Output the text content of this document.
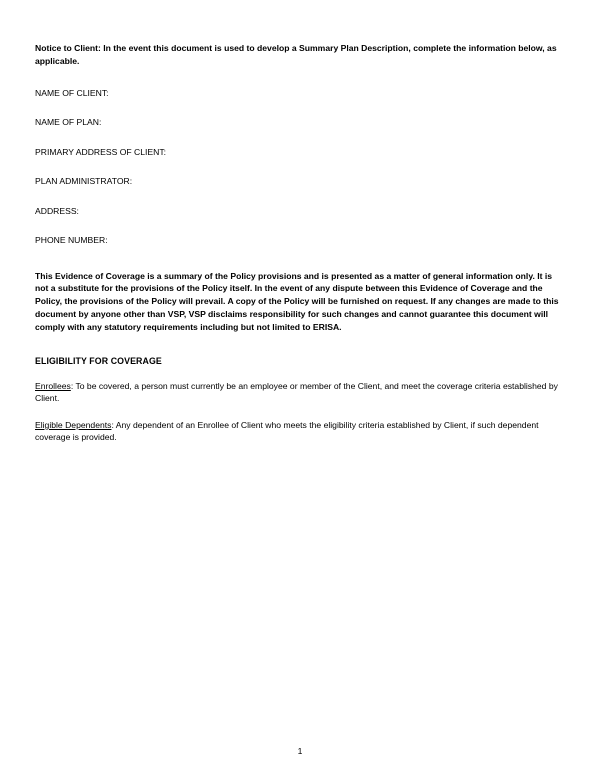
Notice to Client: In the event this document is used to develop a Summary Plan Description, complete the information below, as applicable.

NAME OF CLIENT:

NAME OF PLAN:

PRIMARY ADDRESS OF CLIENT:

PLAN ADMINISTRATOR:

ADDRESS:

PHONE NUMBER:

This Evidence of Coverage is a summary of the Policy provisions and is presented as a matter of general information only. It is not a substitute for the provisions of the Policy itself. In the event of any dispute between this Evidence of Coverage and the Policy, the provisions of the Policy will prevail. A copy of the Policy will be furnished on request. If any changes are made to this document by anyone other than VSP, VSP disclaims responsibility for such changes and cannot guarantee this document will comply with any statutory requirements including but not limited to ERISA.

ELIGIBILITY FOR COVERAGE

Enrollees: To be covered, a person must currently be an employee or member of the Client, and meet the coverage criteria established by Client.

Eligible Dependents: Any dependent of an Enrollee of Client who meets the eligibility criteria established by Client, if such dependent coverage is provided.

1
